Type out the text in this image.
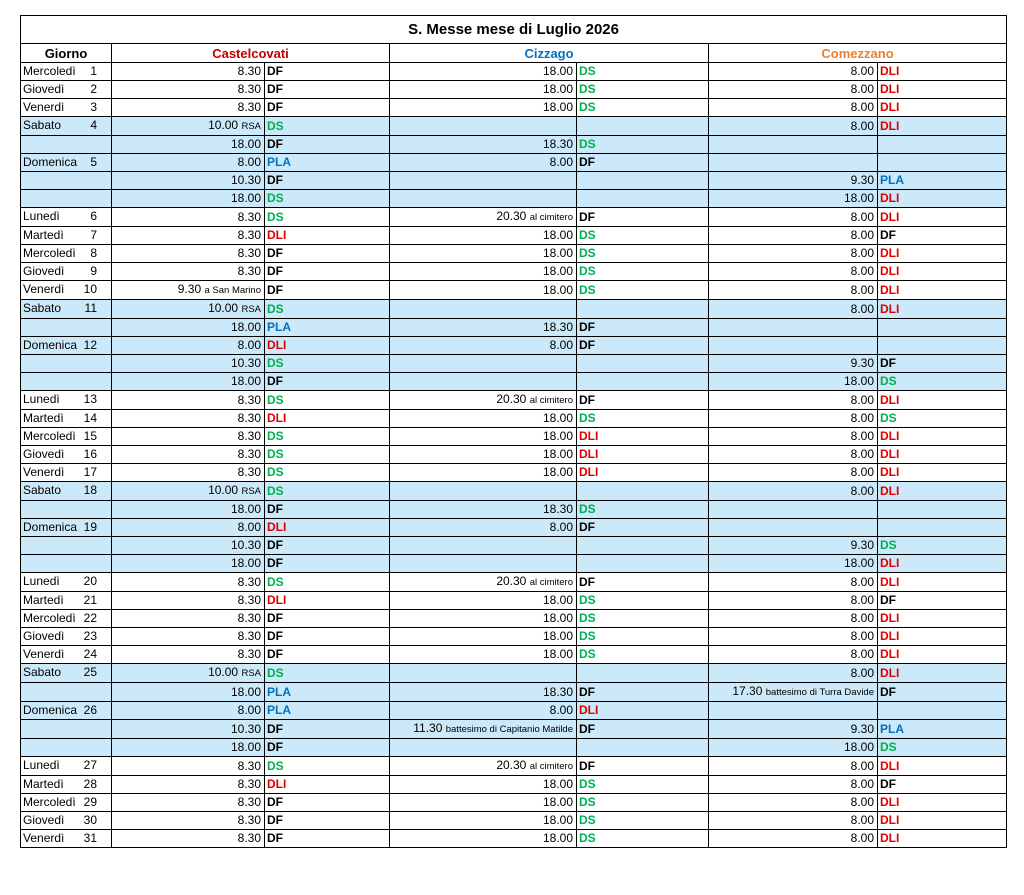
S. Messe mese di Luglio 2026						
Giorno	Castelcovati		Cizzago		Comezzano	

Mercoledì 1	8.30	DF	18.00	DS	8.00	DLI

Giovedì 2	8.30	DF	18.00	DS	8.00	DLI

Venerdì 3	8.30	DF	18.00	DS	8.00	DLI

Sabato 4	10.00 RSA	DS			8.00	DLI

	18.00	DF	18.30	DS		

Domenica 5	8.00	PLA	8.00	DF		

	10.30	DF			9.30	PLA

	18.00	DS			18.00	DLI

Lunedì 6	8.30	DS	20.30 al cimitero	DF	8.00	DLI

Martedì 7	8.30	DLI	18.00	DS	8.00	DF

Mercoledì 8	8.30	DF	18.00	DS	8.00	DLI

Giovedì 9	8.30	DF	18.00	DS	8.00	DLI

Venerdì 10	9.30 a San Marino	DF	18.00	DS	8.00	DLI

Sabato 11	10.00 RSA	DS			8.00	DLI

	18.00	PLA	18.30	DF		

Domenica 12	8.00	DLI	8.00	DF		

	10.30	DS			9.30	DF

	18.00	DF			18.00	DS

Lunedì 13	8.30	DS	20.30 al cimitero	DF	8.00	DLI

Martedì 14	8.30	DLI	18.00	DS	8.00	DS

Mercoledì 15	8.30	DS	18.00	DLI	8.00	DLI

Giovedì 16	8.30	DS	18.00	DLI	8.00	DLI

Venerdì 17	8.30	DS	18.00	DLI	8.00	DLI

Sabato 18	10.00 RSA	DS			8.00	DLI

	18.00	DF	18.30	DS		

Domenica 19	8.00	DLI	8.00	DF		

	10.30	DF			9.30	DS

	18.00	DF			18.00	DLI

Lunedì 20	8.30	DS	20.30 al cimitero	DF	8.00	DLI

Martedì 21	8.30	DLI	18.00	DS	8.00	DF

Mercoledì 22	8.30	DF	18.00	DS	8.00	DLI

Giovedì 23	8.30	DF	18.00	DS	8.00	DLI

Venerdì 24	8.30	DF	18.00	DS	8.00	DLI

Sabato 25	10.00 RSA	DS			8.00	DLI

	18.00	PLA	18.30	DF	17.30 battesimo di Turra Davide	DF

Domenica 26	8.00	PLA	8.00	DLI		

	10.30	DF	11.30 battesimo di Capitanio Matilde	DF	9.30	PLA

	18.00	DF			18.00	DS

Lunedì 27	8.30	DS	20.30 al cimitero	DF	8.00	DLI

Martedì 28	8.30	DLI	18.00	DS	8.00	DF

Mercoledì 29	8.30	DF	18.00	DS	8.00	DLI

Giovedì 30	8.30	DF	18.00	DS	8.00	DLI

Venerdì 31	8.30	DF	18.00	DS	8.00	DLI
